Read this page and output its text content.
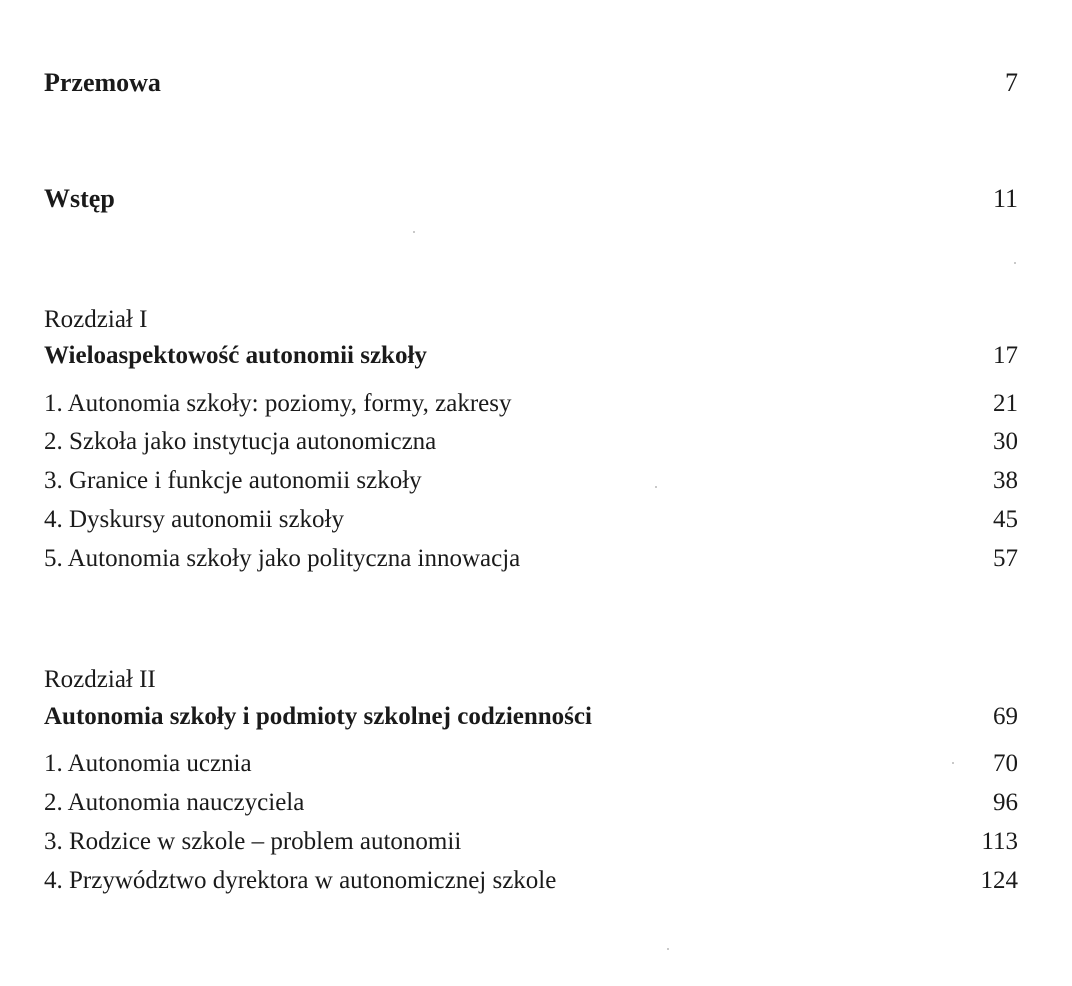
Przemowa	7
Wstęp	11
Rozdział I
Wieloaspektowość autonomii szkoły	17
1. Autonomia szkoły: poziomy, formy, zakresy	21
2. Szkoła jako instytucja autonomiczna	30
3. Granice i funkcje autonomii szkoły	38
4. Dyskursy autonomii szkoły	45
5. Autonomia szkoły jako polityczna innowacja	57
Rozdział II
Autonomia szkoły i podmioty szkolnej codzienności	69
1. Autonomia ucznia	70
2. Autonomia nauczyciela	96
3. Rodzice w szkole – problem autonomii	113
4. Przywództwo dyrektora w autonomicznej szkole	124
